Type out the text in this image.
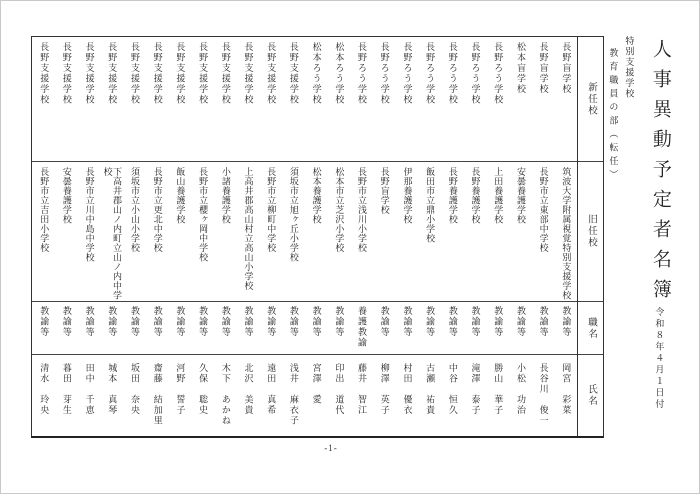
人事異動予定者名簿
特別支援学校
教育職員の部（転任）
令和８年４月１日付
新任校
旧任校
職名
氏名
長野盲学校
筑波大学附属視覚特別支援学校
教諭等
岡宮　彩菜
長野盲学校
長野市立東部中学校
教諭等
長谷川　俊一
松本盲学校
安曇養護学校
教諭等
小松　功治
長野ろう学校
上田養護学校
教諭等
勝山　華子
長野ろう学校
長野養護学校
教諭等
滝澤　泰子
長野ろう学校
長野養護学校
教諭等
中谷　恒久
長野ろう学校
飯田市立鼎小学校
教諭等
古瀬　祐貴
長野ろう学校
伊那養護学校
教諭等
村田　優衣
長野ろう学校
長野盲学校
教諭等
柳澤　英子
長野ろう学校
長野市立浅川小学校
養護教諭
藤井　智江
松本ろう学校
松本市立芝沢小学校
教諭等
印出　道代
松本ろう学校
松本養護学校
教諭等
宮澤　愛
長野支援学校
須坂市立旭ヶ丘小学校
教諭等
浅井　麻衣子
長野支援学校
長野市立柳町中学校
教諭等
遠田　真希
長野支援学校
上高井郡高山村立高山小学校
教諭等
北沢　美貴
長野支援学校
小諸養護学校
教諭等
木下　あかね
長野支援学校
長野市立櫻ヶ岡中学校
教諭等
久保　聡史
長野支援学校
飯山養護学校
教諭等
河野　誓子
長野支援学校
長野市立更北中学校
教諭等
齋藤　結加里
長野支援学校
須坂市立小山小学校
教諭等
坂田　奈央
長野支援学校
下高井郡山ノ内町立山ノ内中学校
教諭等
城本　真琴
長野支援学校
長野市立川中島中学校
教諭等
田中　千恵
長野支援学校
安曇養護学校
教諭等
暮田　芽生
長野支援学校
長野市立吉田小学校
教諭等
清水　玲央
-1-
